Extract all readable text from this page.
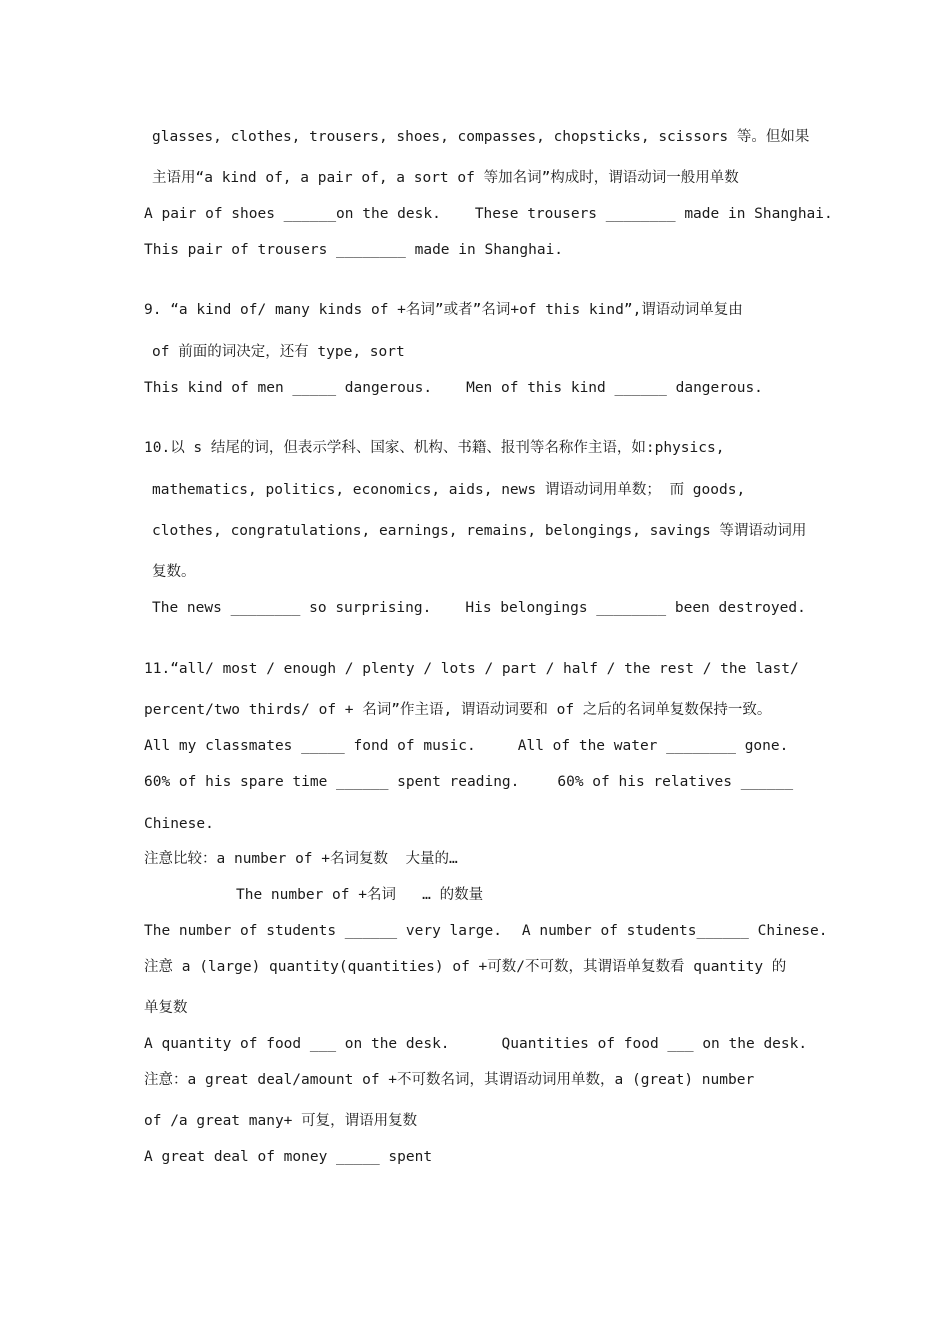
glasses, clothes, trousers, shoes, compasses, chopsticks, scissors 等。但如果
主语用“a kind of, a pair of, a sort of 等加名词”构成时，谓语动词一般用单数
A pair of shoes ______on the desk. These trousers ________ made in Shanghai.
This pair of trousers ________ made in Shanghai.
9. “a kind of/ many kinds of +名词”或者”名词+of this kind”,谓语动词单复由
of 前面的词决定，还有 type, sort
This kind of men _____ dangerous. Men of this kind ______ dangerous.
10.以 s 结尾的词，但表示学科、国家、机构、书籍、报刊等名称作主语，如:physics,
mathematics, politics, economics, aids, news 谓语动词用单数； 而 goods,
clothes, congratulations, earnings, remains, belongings, savings 等谓语动词用
复数。
The news ________ so surprising. His belongings ________ been destroyed.
11.“all/ most / enough / plenty / lots / part / half / the rest / the last/
percent/two thirds/ of + 名词”作主语, 谓语动词要和 of 之后的名词单复数保持一致。
All my classmates _____ fond of music.	All of the water ________ gone.
60% of his spare time ______ spent reading.	60% of his relatives ______
Chinese.
注意比较：a number of +名词复数  大量的…
The number of +名词   … 的数量
The number of students ______ very large. A number of students______ Chinese.
注意 a (large) quantity(quantities) of +可数/不可数，其谓语单复数看 quantity 的
单复数
A quantity of food ___ on the desk.	Quantities of food ___ on the desk.
注意：a great deal/amount of +不可数名词，其谓语动词用单数，a (great) number
of /a great many+ 可复，谓语用复数
A great deal of money _____ spent
